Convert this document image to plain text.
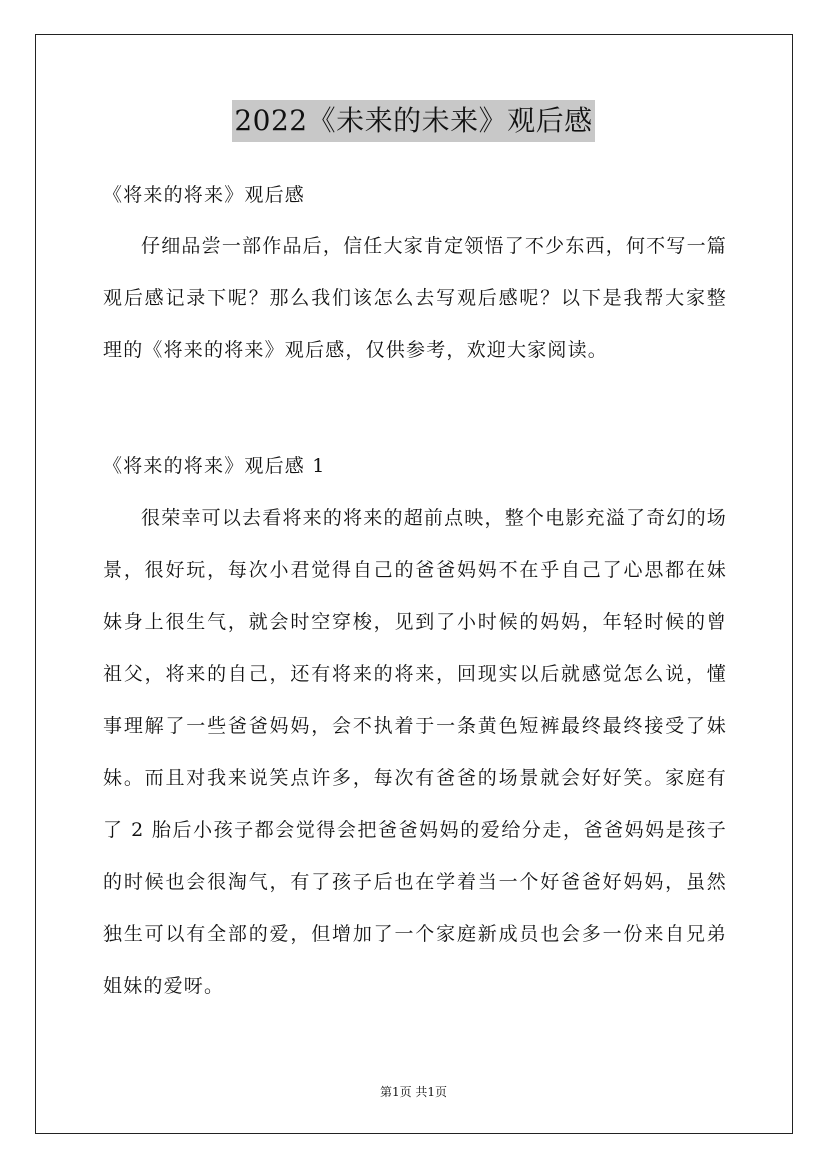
2022《未来的未来》观后感
《将来的将来》观后感
仔细品尝一部作品后，信任大家肯定领悟了不少东西，何不写一篇观后感记录下呢？那么我们该怎么去写观后感呢？以下是我帮大家整理的《将来的将来》观后感，仅供参考，欢迎大家阅读。
《将来的将来》观后感 1
很荣幸可以去看将来的将来的超前点映，整个电影充溢了奇幻的场景，很好玩，每次小君觉得自己的爸爸妈妈不在乎自己了心思都在妹妹身上很生气，就会时空穿梭，见到了小时候的妈妈，年轻时候的曾祖父，将来的自己，还有将来的将来，回现实以后就感觉怎么说，懂事理解了一些爸爸妈妈，会不执着于一条黄色短裤最终最终接受了妹妹。而且对我来说笑点许多，每次有爸爸的场景就会好好笑。家庭有了 2 胎后小孩子都会觉得会把爸爸妈妈的爱给分走，爸爸妈妈是孩子的时候也会很淘气，有了孩子后也在学着当一个好爸爸好妈妈，虽然独生可以有全部的爱，但增加了一个家庭新成员也会多一份来自兄弟姐妹的爱呀。
第1页 共1页
